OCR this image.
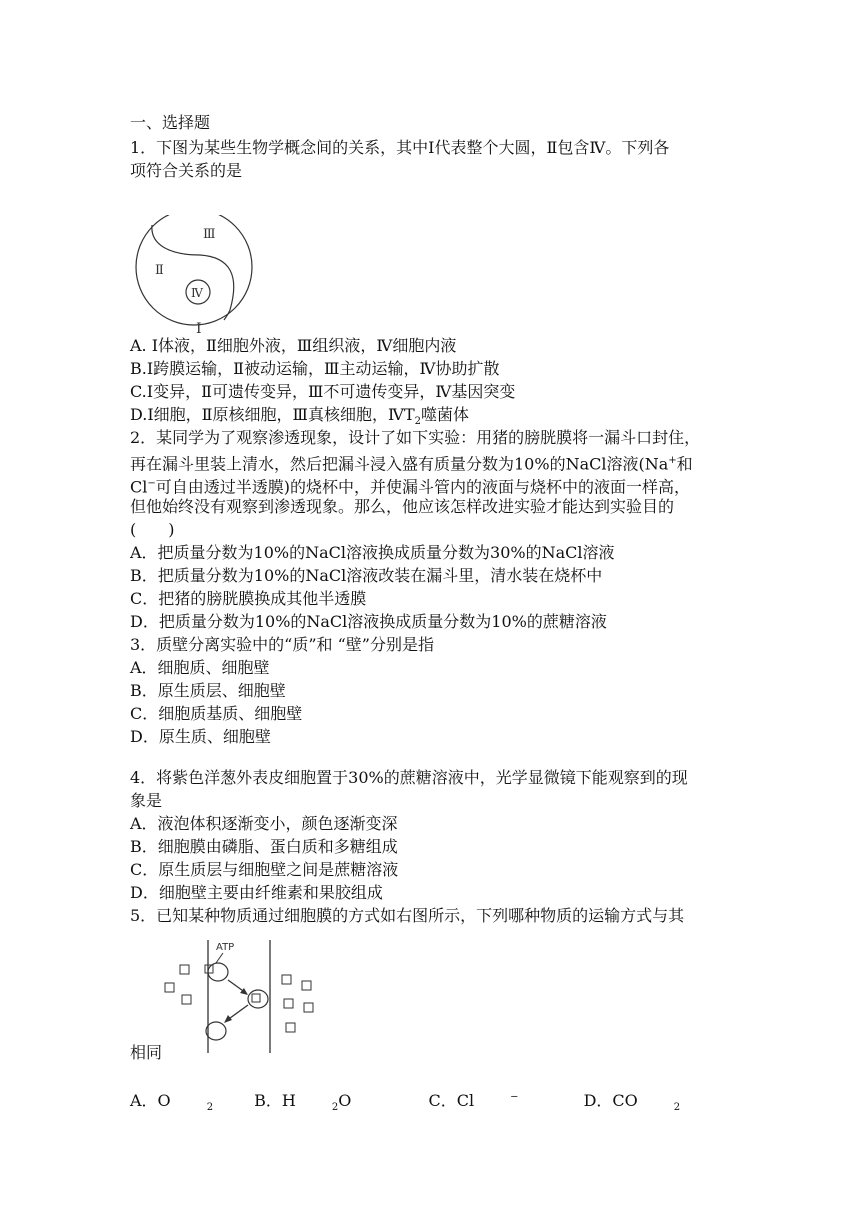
一、选择题
1．下图为某些生物学概念间的关系，其中Ⅰ代表整个大圆，Ⅱ包含Ⅳ。下列各
项符合关系的是
A. Ⅰ体液，Ⅱ细胞外液，Ⅲ组织液，Ⅳ细胞内液
B.Ⅰ跨膜运输，Ⅱ被动运输，Ⅲ主动运输，Ⅳ协助扩散
C.Ⅰ变异，Ⅱ可遗传变异，Ⅲ不可遗传变异，Ⅳ基因突变
D.Ⅰ细胞，Ⅱ原核细胞，Ⅲ真核细胞，$ⅣT_2$噬菌体
2．某同学为了观察渗透现象，设计了如下实验：用猪的膀胱膜将一漏斗口封住，
再在漏斗里装上清水，然后把漏斗浸入盛有质量分数为10%的NaCl溶液(Na+和
Cl−可自由透过半透膜)的烧杯中，并使漏斗管内的液面与烧杯中的液面一样高，
但他始终没有观察到渗透现象。那么，他应该怎样改进实验才能达到实验目的
(　　)
A．把质量分数为10%的NaCl溶液换成质量分数为30%的NaCl溶液
B．把质量分数为10%的NaCl溶液改装在漏斗里，清水装在烧杯中
C．把猪的膀胱膜换成其他半透膜
D．把质量分数为10%的NaCl溶液换成质量分数为10%的蔗糖溶液
3．质壁分离实验中的“质”和 “壁”分别是指
A．细胞质、细胞壁
B．原生质层、细胞壁
C．细胞质基质、细胞壁
D．原生质、细胞壁
4．将紫色洋葱外表皮细胞置于30%的蔗糖溶液中，光学显微镜下能观察到的现
象是
A．液泡体积逐渐变小，颜色逐渐变深
B．细胞膜由磷脂、蛋白质和多糖组成
C．原生质层与细胞壁之间是蔗糖溶液
D．细胞壁主要由纤维素和果胶组成
5．已知某种物质通过细胞膜的方式如右图所示，下列哪种物质的运输方式与其
Ⅲ
Ⅱ
Ⅳ
Ⅰ
ATP
相同
A．O	$_2$	B．H	$_2$O	C．Cl	−	D．CO	$_2$
